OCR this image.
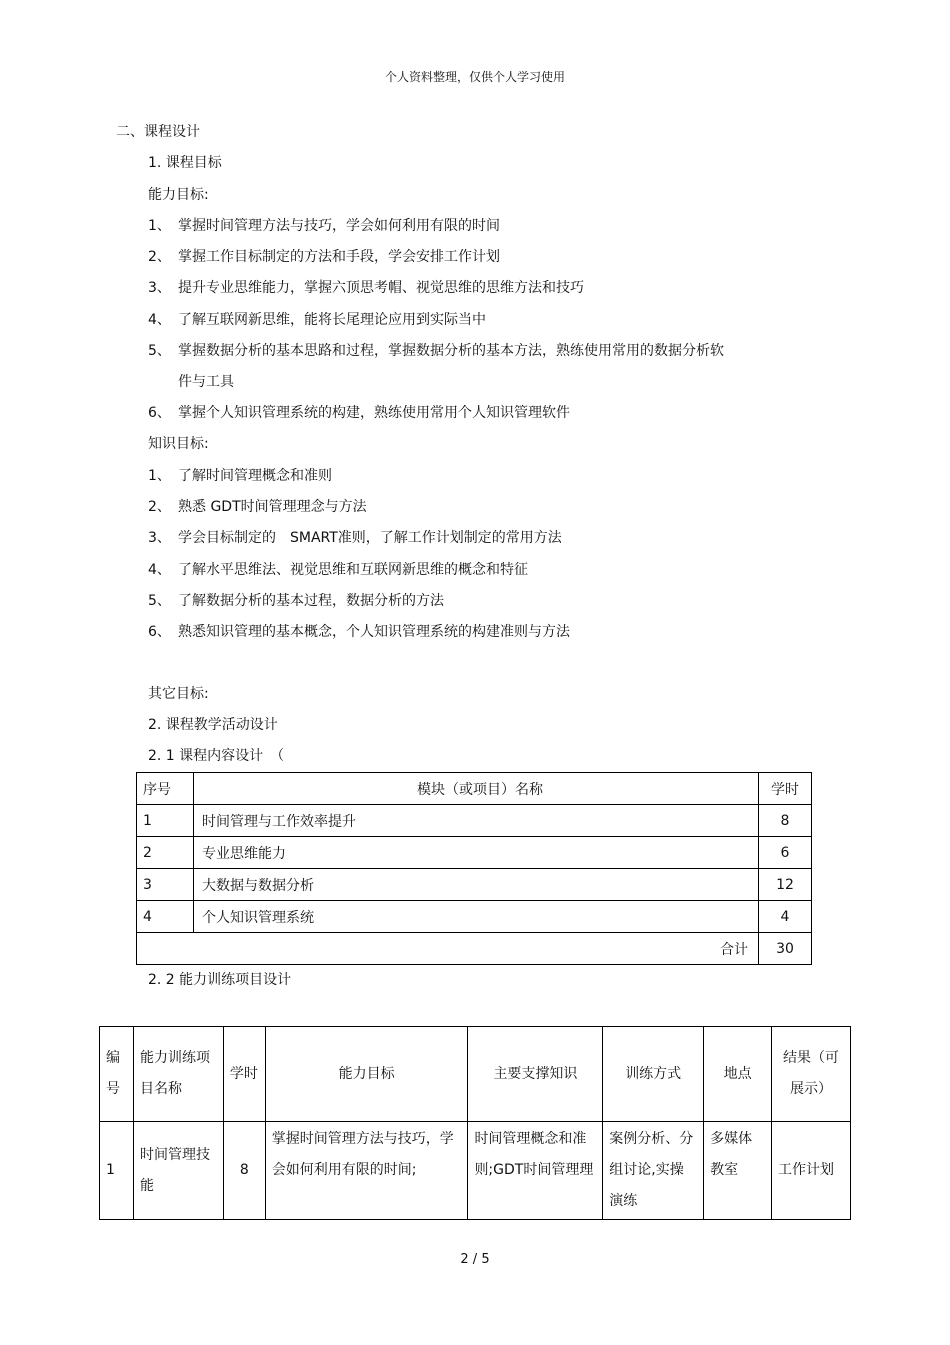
个人资料整理，仅供个人学习使用
二、课程设计
1. 课程目标
能力目标:
1、 掌握时间管理方法与技巧，学会如何利用有限的时间
2、 掌握工作目标制定的方法和手段，学会安排工作计划
3、 提升专业思维能力，掌握六顶思考帽、视觉思维的思维方法和技巧
4、 了解互联网新思维，能将长尾理论应用到实际当中
5、 掌握数据分析的基本思路和过程，掌握数据分析的基本方法，熟练使用常用的数据分析软
件与工具
6、 掌握个人知识管理系统的构建，熟练使用常用个人知识管理软件
知识目标:
1、 了解时间管理概念和准则
2、 熟悉 GDT时间管理理念与方法
3、 学会目标制定的　SMART准则，了解工作计划制定的常用方法
4、 了解水平思维法、视觉思维和互联网新思维的概念和特征
5、 了解数据分析的基本过程，数据分析的方法
6、 熟悉知识管理的基本概念，个人知识管理系统的构建准则与方法
其它目标:
2. 课程教学活动设计
2. 1 课程内容设计　（
序号	模块（或项目）名称	学时
1	时间管理与工作效率提升	8
2	专业思维能力	6
3	大数据与数据分析	12
4	个人知识管理系统	4
合计		30
2. 2 能力训练项目设计
编号	能力训练项目名称	学时	能力目标	主要支撑知识	训练方式	地点	结果（可展示）
1	时间管理技能	8	掌握时间管理方法与技巧，学会如何利用有限的时间;	时间管理概念和准则;GDT时间管理理	案例分析、分组讨论,实操演练	多媒体教室	工作计划
2 / 5
